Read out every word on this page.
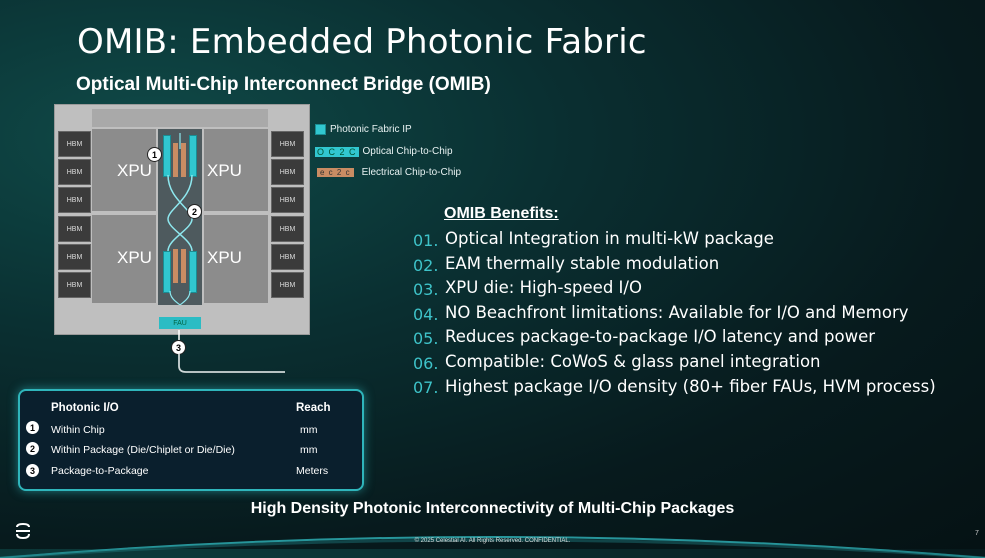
OMIB: Embedded Photonic Fabric
Optical Multi-Chip Interconnect Bridge (OMIB)
HBM
HBM
HBM
HBM
HBM
HBM
HBM
HBM
HBM
HBM
HBM
HBM
XPU	XPU
XPU	XPU
FAU
1
2
3
Photonic Fabric IP
O C 2 C Optical Chip-to-Chip
e c 2 c	Electrical Chip-to-Chip
OMIB Benefits:
01.
02.
03.
04.
05.
06.
07.
Optical Integration in multi-kW package
EAM thermally stable modulation
XPU die: High-speed I/O
NO Beachfront limitations: Available for I/O and Memory
Reduces package-to-package I/O latency and power
Compatible: CoWoS & glass panel integration
Highest package I/O density (80+ fiber FAUs, HVM process)
Photonic I/O	Reach
1	Within Chip	mm
2	Within Package (Die/Chiplet or Die/Die)	mm
3	Package-to-Package	Meters
High Density Photonic Interconnectivity of Multi-Chip Packages
© 2025 Celestial AI. All Rights Reserved. CONFIDENTIAL.
7
